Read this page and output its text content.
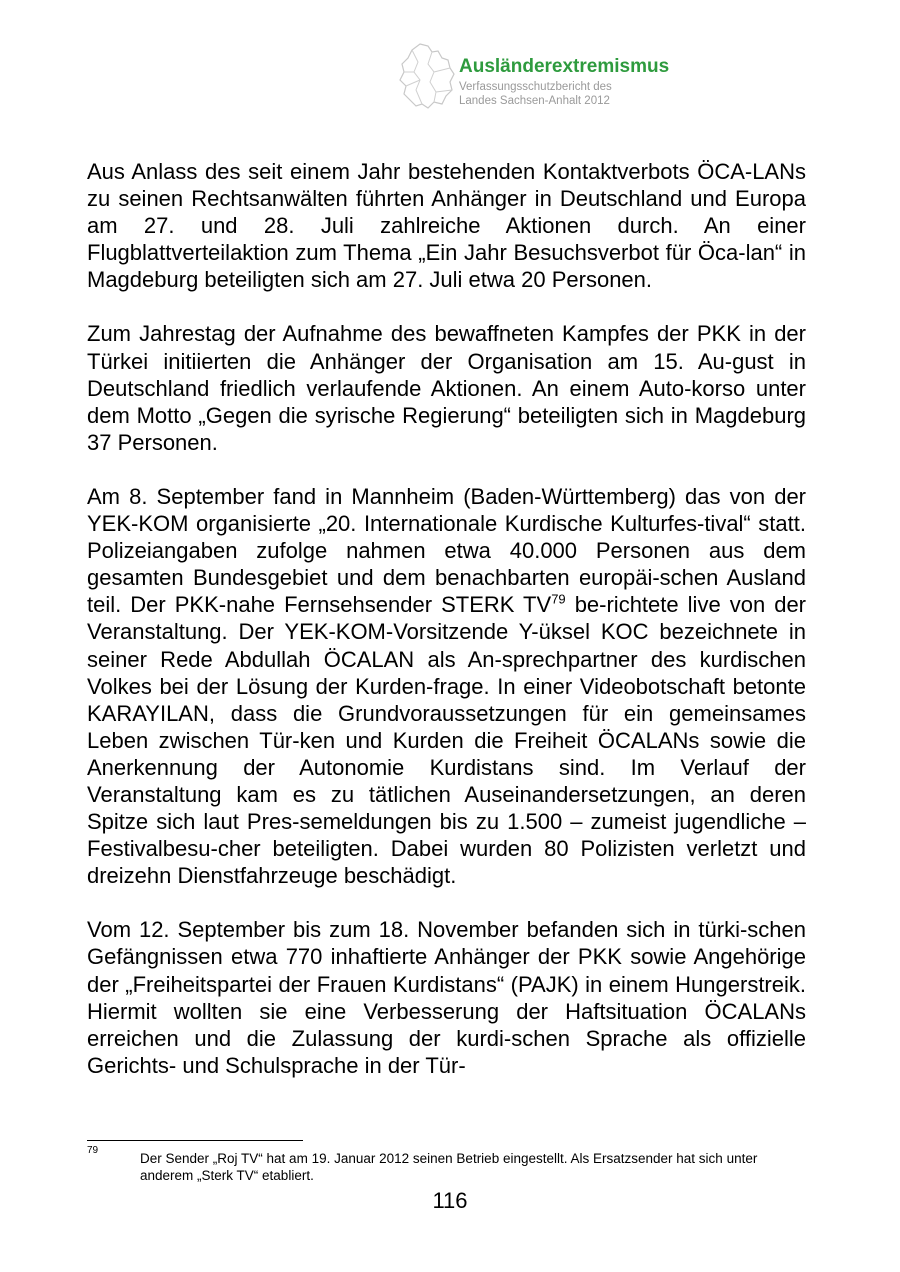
Ausländerextremismus
Verfassungsschutzbericht des
Landes Sachsen-Anhalt 2012

Aus Anlass des seit einem Jahr bestehenden Kontaktverbots ÖCA-LANs zu seinen Rechtsanwälten führten Anhänger in Deutschland und Europa am 27. und 28. Juli zahlreiche Aktionen durch. An einer Flugblattverteilaktion zum Thema „Ein Jahr Besuchsverbot für Öca-lan“ in Magdeburg beteiligten sich am 27. Juli etwa 20 Personen.

Zum Jahrestag der Aufnahme des bewaffneten Kampfes der PKK in der Türkei initiierten die Anhänger der Organisation am 15. Au-gust in Deutschland friedlich verlaufende Aktionen. An einem Auto-korso unter dem Motto „Gegen die syrische Regierung“ beteiligten sich in Magdeburg 37 Personen.

Am 8. September fand in Mannheim (Baden-Württemberg) das von der YEK-KOM organisierte „20. Internationale Kurdische Kulturfes-tival“ statt. Polizeiangaben zufolge nahmen etwa 40.000 Personen aus dem gesamten Bundesgebiet und dem benachbarten europäi-schen Ausland teil. Der PKK-nahe Fernsehsender STERK TV$^{79}$ be-richtete live von der Veranstaltung. Der YEK-KOM-Vorsitzende Y-üksel KOC bezeichnete in seiner Rede Abdullah ÖCALAN als An-sprechpartner des kurdischen Volkes bei der Lösung der Kurden-frage. In einer Videobotschaft betonte KARAYILAN, dass die Grundvoraussetzungen für ein gemeinsames Leben zwischen Tür-ken und Kurden die Freiheit ÖCALANs sowie die Anerkennung der Autonomie Kurdistans sind. Im Verlauf der Veranstaltung kam es zu tätlichen Auseinandersetzungen, an deren Spitze sich laut Pres-semeldungen bis zu 1.500 – zumeist jugendliche – Festivalbesu-cher beteiligten. Dabei wurden 80 Polizisten verletzt und dreizehn Dienstfahrzeuge beschädigt.

Vom 12. September bis zum 18. November befanden sich in türki-schen Gefängnissen etwa 770 inhaftierte Anhänger der PKK sowie Angehörige der „Freiheitspartei der Frauen Kurdistans“ (PAJK) in einem Hungerstreik. Hiermit wollten sie eine Verbesserung der Haftsituation ÖCALANs erreichen und die Zulassung der kurdi-schen Sprache als offizielle Gerichts- und Schulsprache in der Tür-

79
Der Sender „Roj TV“ hat am 19. Januar 2012 seinen Betrieb eingestellt. Als Ersatzsender hat sich unter anderem „Sterk TV“ etabliert.
116
